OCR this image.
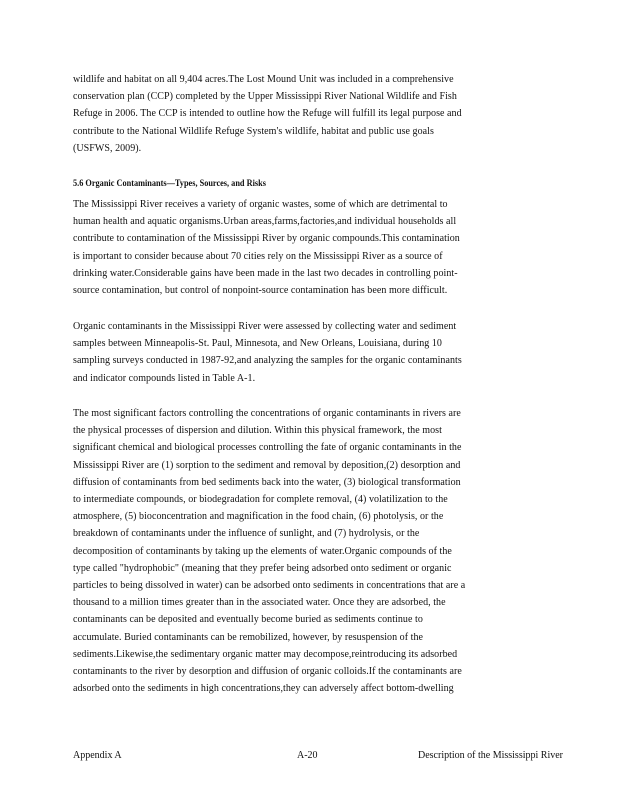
wildlife and habitat on all 9,404 acres.The Lost Mound Unit was included in a comprehensive
conservation plan (CCP) completed by the Upper Mississippi River National Wildlife and Fish
Refuge in 2006. The CCP is intended to outline how the Refuge will fulfill its legal purpose and
contribute to the National Wildlife Refuge System's wildlife, habitat and public use goals
(USFWS, 2009).
5.6 Organic Contaminants—Types, Sources, and Risks
The Mississippi River receives a variety of organic wastes, some of which are detrimental to
human health and aquatic organisms.Urban areas,farms,factories,and individual households all
contribute to contamination of the Mississippi River by organic compounds.This contamination
is important to consider because about 70 cities rely on the Mississippi River as a source of
drinking water.Considerable gains have been made in the last two decades in controlling point-
source contamination, but control of nonpoint-source contamination has been more difficult.
Organic contaminants in the Mississippi River were assessed by collecting water and sediment
samples between Minneapolis-St. Paul, Minnesota, and New Orleans, Louisiana, during 10
sampling surveys conducted in 1987-92,and analyzing the samples for the organic contaminants
and indicator compounds listed in Table A-1.
The most significant factors controlling the concentrations of organic contaminants in rivers are
the physical processes of dispersion and dilution. Within this physical framework, the most
significant chemical and biological processes controlling the fate of organic contaminants in the
Mississippi River are (1) sorption to the sediment and removal by deposition,(2) desorption and
diffusion of contaminants from bed sediments back into the water, (3) biological transformation
to intermediate compounds, or biodegradation for complete removal, (4) volatilization to the
atmosphere, (5) bioconcentration and magnification in the food chain, (6) photolysis, or the
breakdown of contaminants under the influence of sunlight, and (7) hydrolysis, or the
decomposition of contaminants by taking up the elements of water.Organic compounds of the
type called "hydrophobic" (meaning that they prefer being adsorbed onto sediment or organic
particles to being dissolved in water) can be adsorbed onto sediments in concentrations that are a
thousand to a million times greater than in the associated water. Once they are adsorbed, the
contaminants can be deposited and eventually become buried as sediments continue to
accumulate. Buried contaminants can be remobilized, however, by resuspension of the
sediments.Likewise,the sedimentary organic matter may decompose,reintroducing its adsorbed
contaminants to the river by desorption and diffusion of organic colloids.If the contaminants are
adsorbed onto the sediments in high concentrations,they can adversely affect bottom-dwelling
Appendix A	A-20	Description of the Mississippi River
